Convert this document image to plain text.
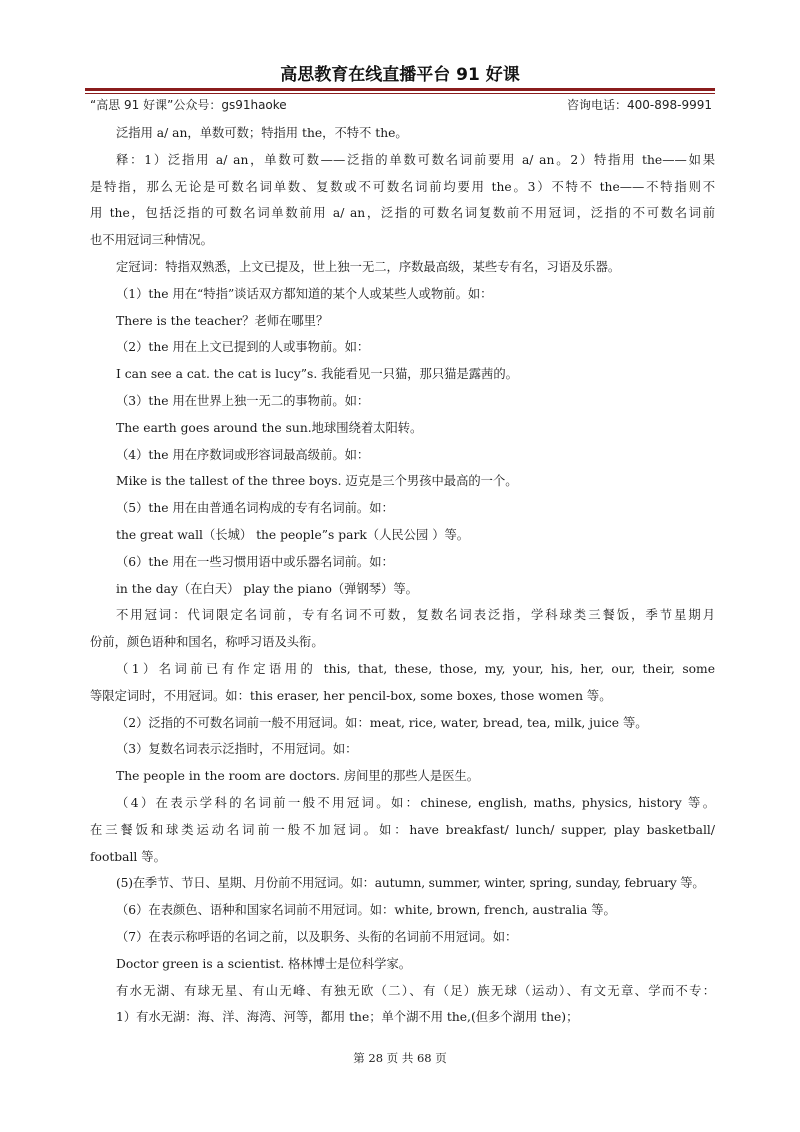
高思教育在线直播平台 91 好课
“高思 91 好课”公众号：gs91haoke	咨询电话：400-898-9991

泛指用 a/ an，单数可数；特指用 the，不特不 the。

释：1）泛指用 a/ an，单数可数——泛指的单数可数名词前要用 a/ an。2）特指用 the——如果

是特指，那么无论是可数名词单数、复数或不可数名词前均要用 the。3）不特不 the——不特指则不

用 the，包括泛指的可数名词单数前用 a/ an，泛指的可数名词复数前不用冠词，泛指的不可数名词前

也不用冠词三种情况。

定冠词：特指双熟悉，上文已提及，世上独一无二，序数最高级，某些专有名，习语及乐器。

（1）the 用在“特指”谈话双方都知道的某个人或某些人或物前。如：

There is the teacher？老师在哪里？

（2）the 用在上文已提到的人或事物前。如：

I can see a cat. the cat is lucy”s. 我能看见一只猫，那只猫是露茜的。

（3）the 用在世界上独一无二的事物前。如：

The earth goes around the sun.地球围绕着太阳转。

（4）the 用在序数词或形容词最高级前。如：

Mike is the tallest of the three boys. 迈克是三个男孩中最高的一个。

（5）the 用在由普通名词构成的专有名词前。如：

the great wall（长城） the people”s park（人民公园 ）等。

（6）the 用在一些习惯用语中或乐器名词前。如：

in the day（在白天） play the piano（弹钢琴）等。

不用冠词：代词限定名词前，专有名词不可数，复数名词表泛指，学科球类三餐饭，季节星期月

份前，颜色语种和国名，称呼习语及头衔。

（1）名词前已有作定语用的 this, that, these, those, my, your, his, her, our, their, some

等限定词时，不用冠词。如：this eraser, her pencil-box, some boxes, those women 等。

（2）泛指的不可数名词前一般不用冠词。如：meat, rice, water, bread, tea, milk, juice 等。

（3）复数名词表示泛指时，不用冠词。如：

The people in the room are doctors. 房间里的那些人是医生。

（4）在表示学科的名词前一般不用冠词。如：chinese, english, maths, physics, history 等。

在三餐饭和球类运动名词前一般不加冠词。如：have breakfast/ lunch/ supper, play basketball/

football 等。

(5)在季节、节日、星期、月份前不用冠词。如：autumn, summer, winter, spring, sunday, february 等。

（6）在表颜色、语种和国家名词前不用冠词。如：white, brown, french, australia 等。

（7）在表示称呼语的名词之前，以及职务、头衔的名词前不用冠词。如：

Doctor green is a scientist. 格林博士是位科学家。

有水无湖、有球无星、有山无峰、有独无欧（二）、有（足）族无球（运动）、有文无章、学而不专：

1）有水无湖：海、洋、海湾、河等，都用 the；单个湖不用 the,(但多个湖用 the)；

第 28 页 共 68 页
